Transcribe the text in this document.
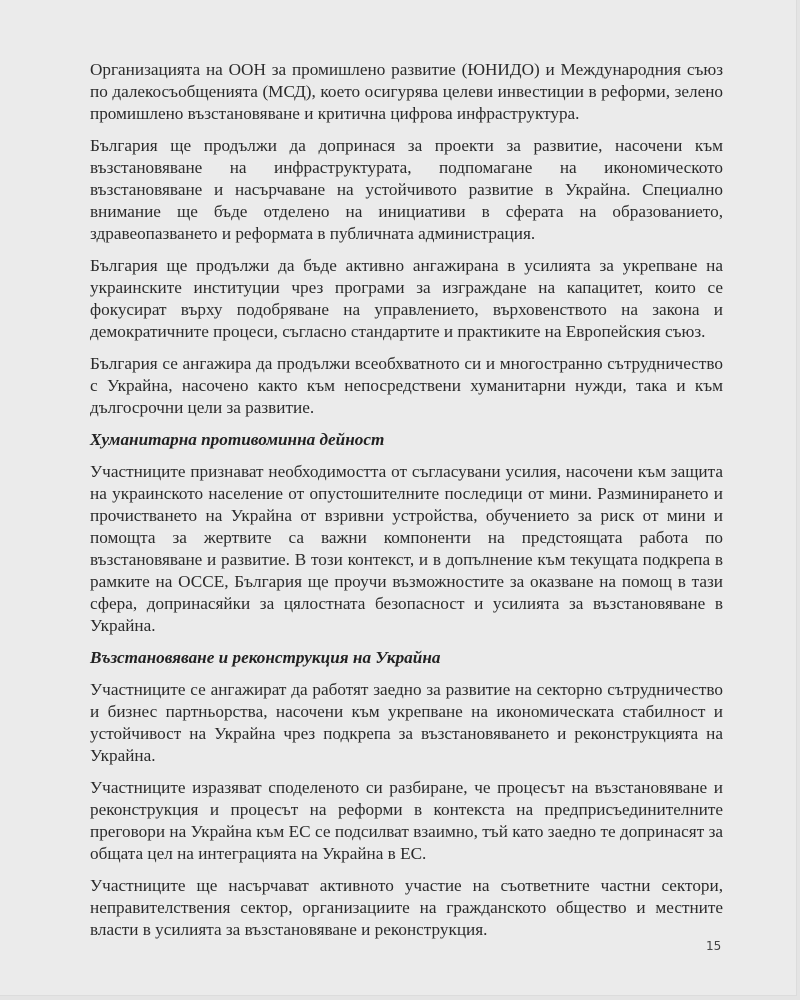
Организацията на ООН за промишлено развитие (ЮНИДО) и Международния съюз по далекосъобщенията (МСД), което осигурява целеви инвестиции в реформи, зелено промишлено възстановяване и критична цифрова инфраструктура.

България ще продължи да допринася за проекти за развитие, насочени към възстановяване на инфраструктурата, подпомагане на икономическото възстановяване и насърчаване на устойчивото развитие в Украйна. Специално внимание ще бъде отделено на инициативи в сферата на образованието, здравеопазването и реформата в публичната администрация.

България ще продължи да бъде активно ангажирана в усилията за укрепване на украинските институции чрез програми за изграждане на капацитет, които се фокусират върху подобряване на управлението, върховенството на закона и демократичните процеси, съгласно стандартите и практиките на Европейския съюз.

България се ангажира да продължи всеобхватното си и многостранно сътрудничество с Украйна, насочено както към непосредствени хуманитарни нужди, така и към дългосрочни цели за развитие.

Хуманитарна противоминна дейност

Участниците признават необходимостта от съгласувани усилия, насочени към защита на украинското население от опустошителните последици от мини. Разминирането и прочистването на Украйна от взривни устройства, обучението за риск от мини и помощта за жертвите са важни компоненти на предстоящата работа по възстановяване и развитие. В този контекст, и в допълнение към текущата подкрепа в рамките на ОССЕ, България ще проучи възможностите за оказване на помощ в тази сфера, допринасяйки за цялостната безопасност и усилията за възстановяване в Украйна.

Възстановяване и реконструкция на Украйна

Участниците се ангажират да работят заедно за развитие на секторно сътрудничество и бизнес партньорства, насочени към укрепване на икономическата стабилност и устойчивост на Украйна чрез подкрепа за възстановяването и реконструкцията на Украйна.

Участниците изразяват споделеното си разбиране, че процесът на възстановяване и реконструкция и процесът на реформи в контекста на предприсъединителните преговори на Украйна към ЕС се подсилват взаимно, тъй като заедно те допринасят за общата цел на интеграцията на Украйна в ЕС.

Участниците ще насърчават активното участие на съответните частни сектори, неправителствения сектор, организациите на гражданското общество и местните власти в усилията за възстановяване и реконструкция.

15
